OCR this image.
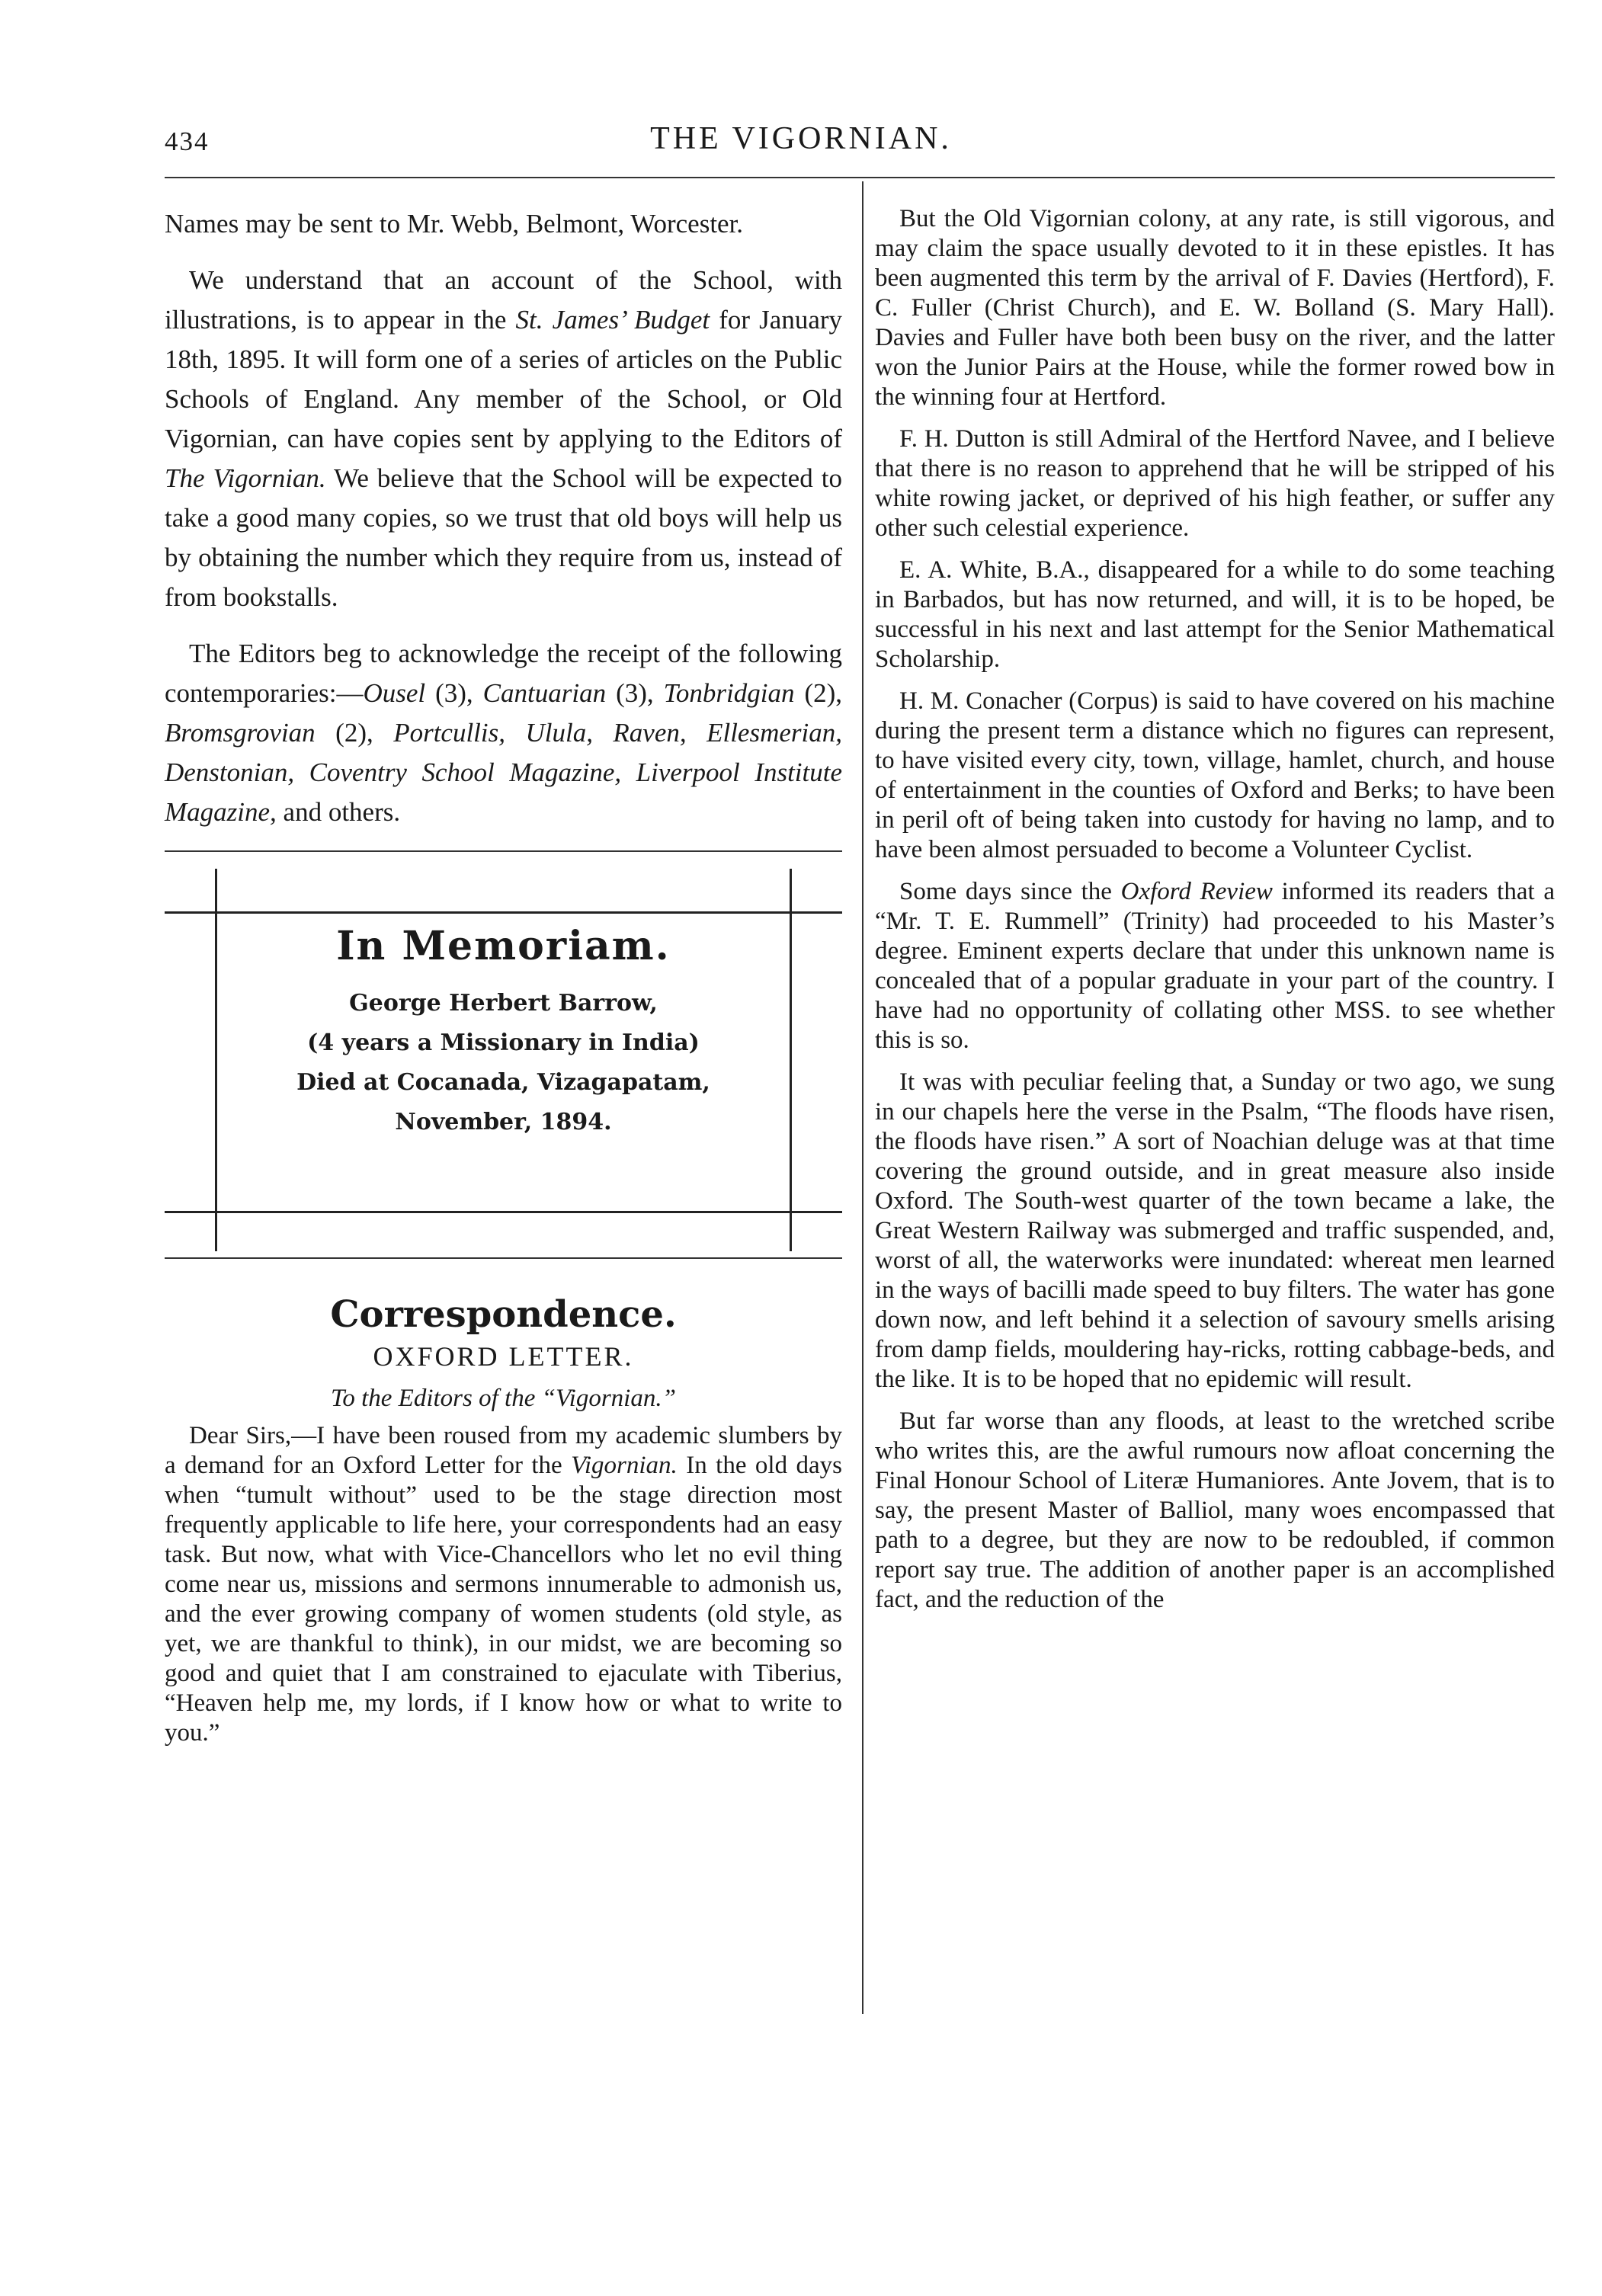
434	THE VIGORNIAN.

Names may be sent to Mr. Webb, Belmont, Worcester.

We understand that an account of the School, with illustrations, is to appear in the St. James’ Budget for January 18th, 1895. It will form one of a series of articles on the Public Schools of England. Any member of the School, or Old Vigornian, can have copies sent by applying to the Editors of The Vigornian. We believe that the School will be expected to take a good many copies, so we trust that old boys will help us by obtaining the number which they require from us, instead of from bookstalls.

The Editors beg to acknowledge the receipt of the following contemporaries:—Ousel (3), Cantuarian (3), Tonbridgian (2), Bromsgrovian (2), Portcullis, Ulula, Raven, Ellesmerian, Denstonian, Coventry School Magazine, Liverpool Institute Magazine, and others.

In Memoriam.
George Herbert Barrow,
(4 years a Missionary in India)
Died at Cocanada, Vizagapatam,
November, 1894.
Correspondence.
OXFORD LETTER.
To the Editors of the “Vigornian.”

Dear Sirs,—I have been roused from my academic slumbers by a demand for an Oxford Letter for the Vigornian. In the old days when “tumult without” used to be the stage direction most frequently applicable to life here, your correspondents had an easy task. But now, what with Vice-Chancellors who let no evil thing come near us, missions and sermons innumerable to admonish us, and the ever growing company of women students (old style, as yet, we are thankful to think), in our midst, we are becoming so good and quiet that I am constrained to ejaculate with Tiberius, “Heaven help me, my lords, if I know how or what to write to you.”

But the Old Vigornian colony, at any rate, is still vigorous, and may claim the space usually devoted to it in these epistles. It has been augmented this term by the arrival of F. Davies (Hertford), F. C. Fuller (Christ Church), and E. W. Bolland (S. Mary Hall). Davies and Fuller have both been busy on the river, and the latter won the Junior Pairs at the House, while the former rowed bow in the winning four at Hertford.

F. H. Dutton is still Admiral of the Hertford Navee, and I believe that there is no reason to apprehend that he will be stripped of his white rowing jacket, or deprived of his high feather, or suffer any other such celestial experience.

E. A. White, B.A., disappeared for a while to do some teaching in Barbados, but has now returned, and will, it is to be hoped, be successful in his next and last attempt for the Senior Mathematical Scholarship.

H. M. Conacher (Corpus) is said to have covered on his machine during the present term a distance which no figures can represent, to have visited every city, town, village, hamlet, church, and house of entertainment in the counties of Oxford and Berks; to have been in peril oft of being taken into custody for having no lamp, and to have been almost persuaded to become a Volunteer Cyclist.

Some days since the Oxford Review informed its readers that a “Mr. T. E. Rummell” (Trinity) had proceeded to his Master’s degree. Eminent experts declare that under this unknown name is concealed that of a popular graduate in your part of the country. I have had no opportunity of collating other MSS. to see whether this is so.

It was with peculiar feeling that, a Sunday or two ago, we sung in our chapels here the verse in the Psalm, “The floods have risen, the floods have risen.” A sort of Noachian deluge was at that time covering the ground outside, and in great measure also inside Oxford. The South-west quarter of the town became a lake, the Great Western Railway was submerged and traffic suspended, and, worst of all, the waterworks were inundated: whereat men learned in the ways of bacilli made speed to buy filters. The water has gone down now, and left behind it a selection of savoury smells arising from damp fields, mouldering hay-ricks, rotting cabbage-beds, and the like. It is to be hoped that no epidemic will result.

But far worse than any floods, at least to the wretched scribe who writes this, are the awful rumours now afloat concerning the Final Honour School of Literæ Humaniores. Ante Jovem, that is to say, the present Master of Balliol, many woes encompassed that path to a degree, but they are now to be redoubled, if common report say true. The addition of another paper is an accomplished fact, and the reduction of the
